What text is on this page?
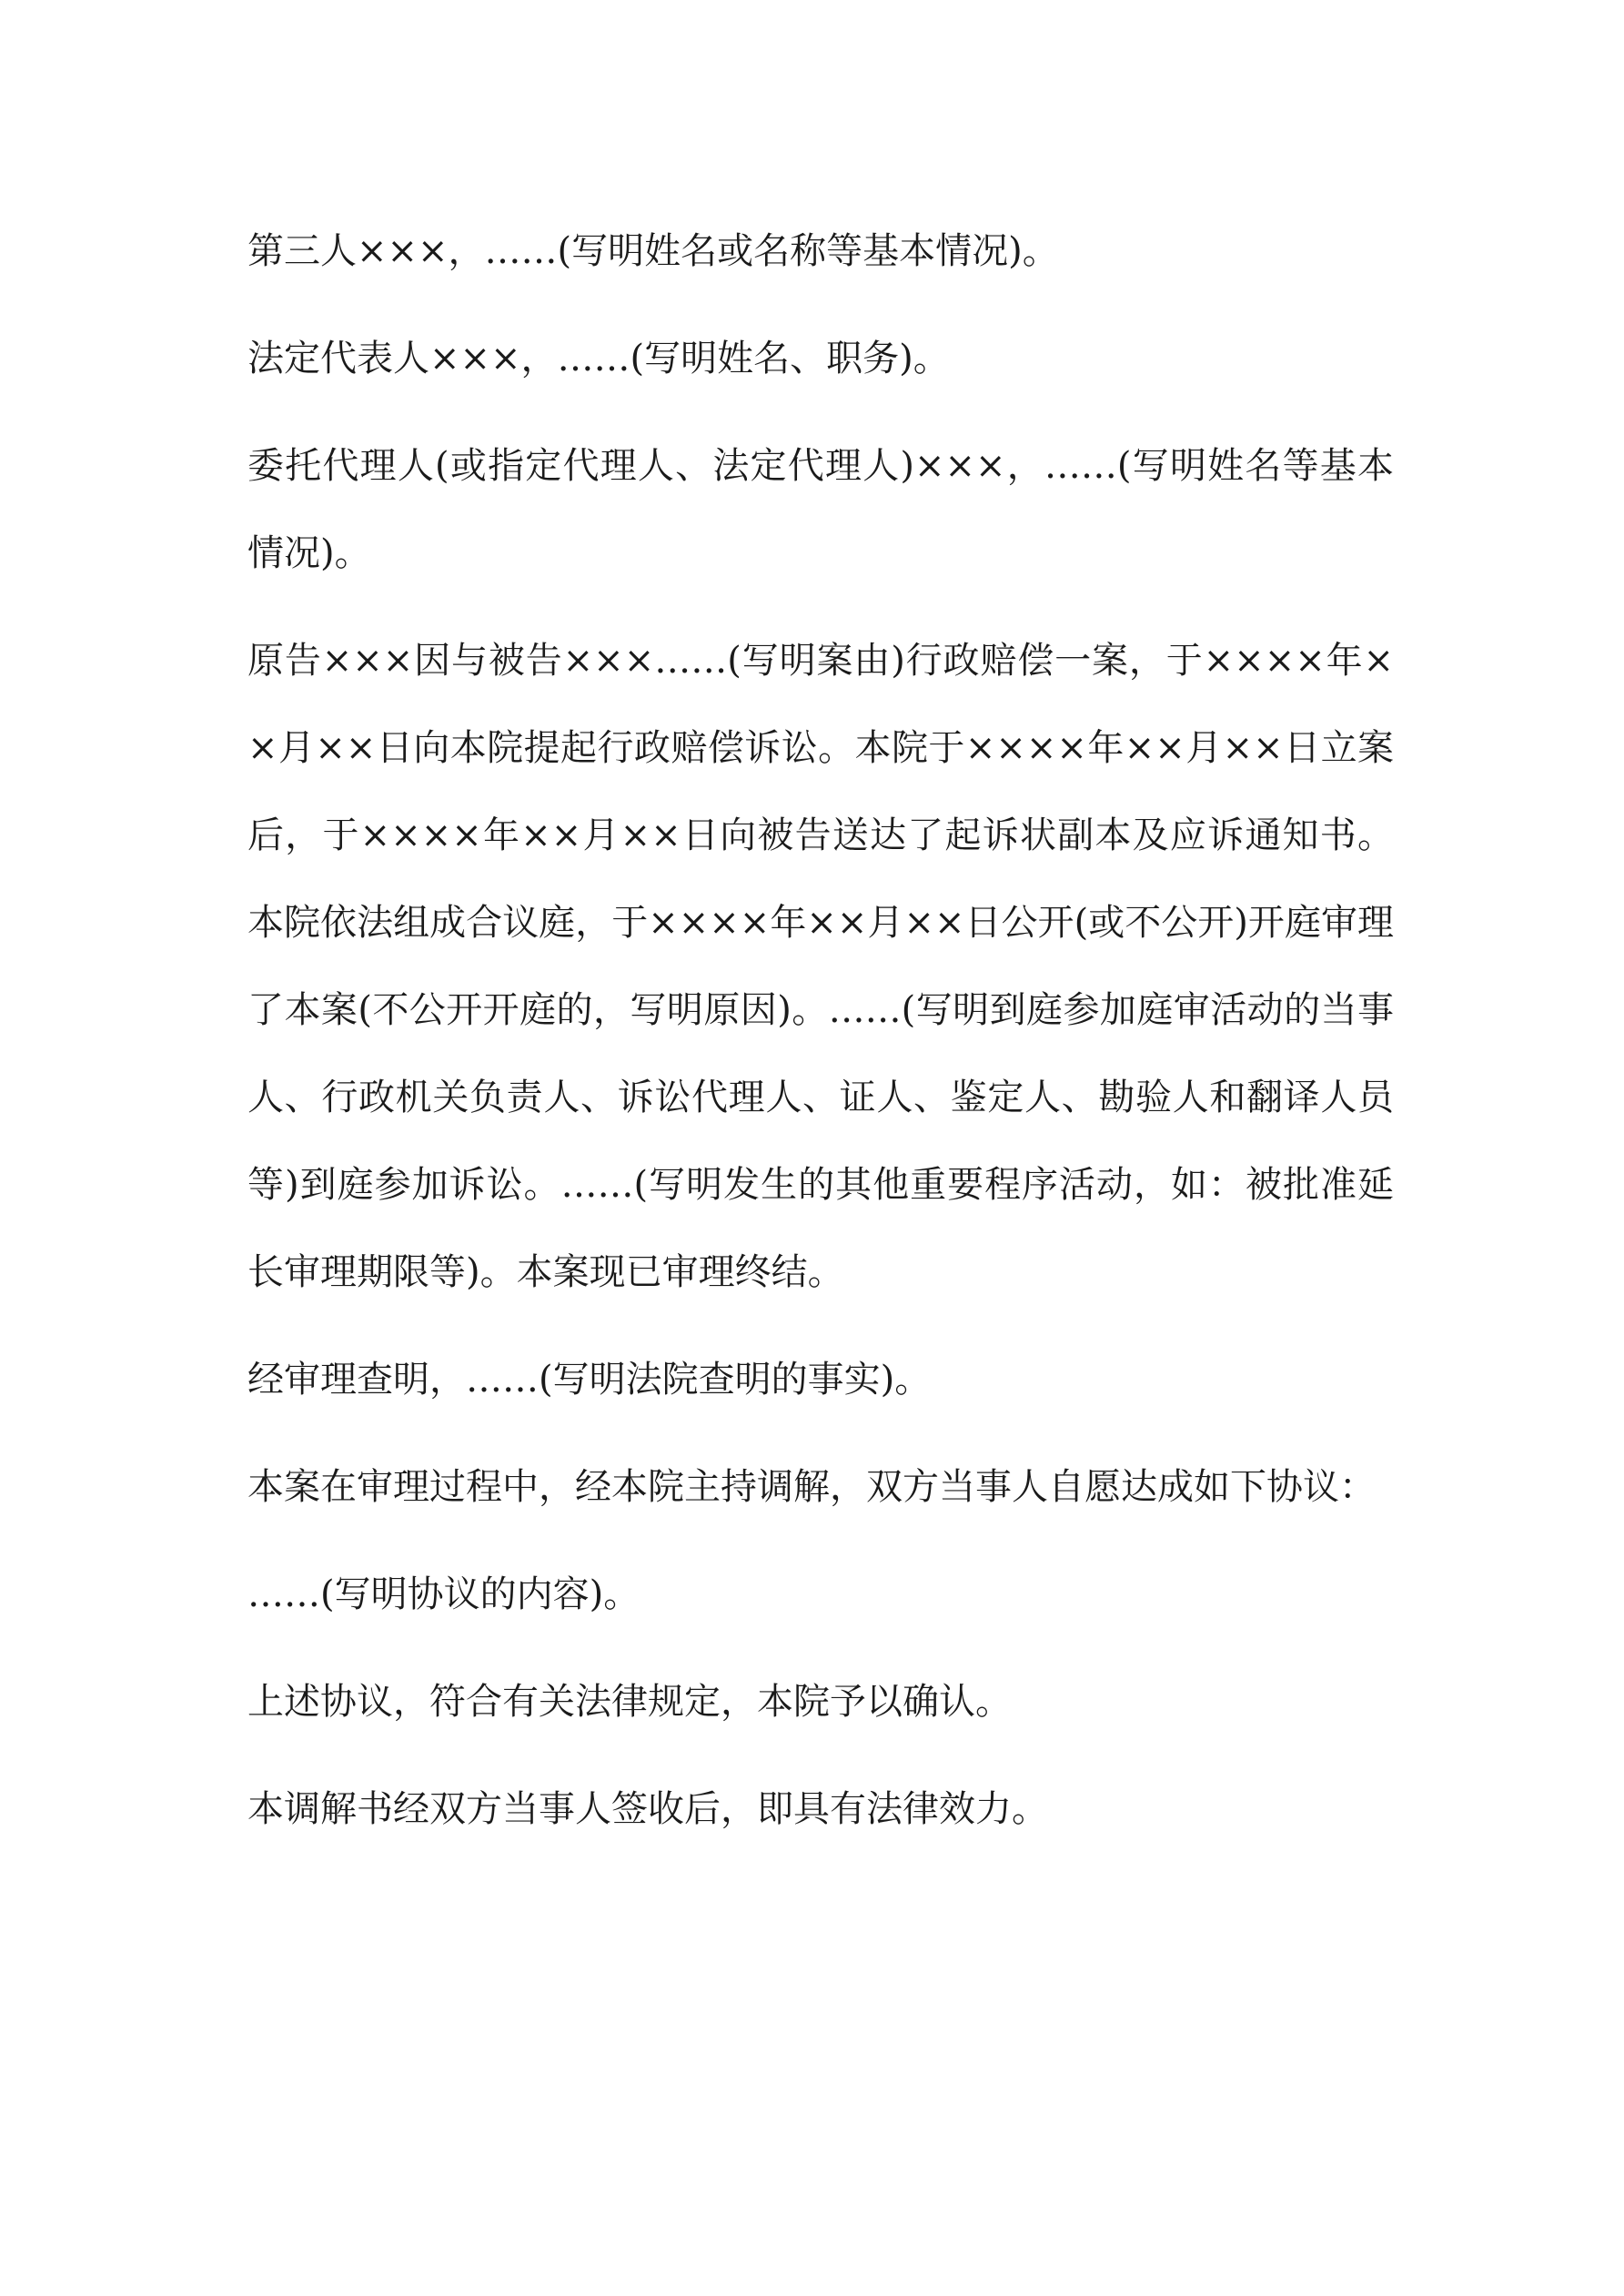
第三人×××，……(写明姓名或名称等基本情况)。

法定代表人×××，……(写明姓名、职务)。

委托代理人(或指定代理人、法定代理人)×××，……(写明姓名等基本情况)。

原告×××因与被告×××……(写明案由)行政赔偿一案，于××××年××月××日向本院提起行政赔偿诉讼。本院于××××年××月××日立案后，于××××年××月××日向被告送达了起诉状副本及应诉通知书。本院依法组成合议庭，于××××年××月××日公开(或不公开)开庭审理了本案(不公开开庭的，写明原因)。……(写明到庭参加庭审活动的当事人、行政机关负责人、诉讼代理人、证人、鉴定人、勘验人和翻译人员等)到庭参加诉讼。……(写明发生的其他重要程序活动，如：被批准延长审理期限等)。本案现已审理终结。

经审理查明，……(写明法院查明的事实)。

本案在审理过程中，经本院主持调解，双方当事人自愿达成如下协议：

……(写明协议的内容)。

上述协议，符合有关法律规定，本院予以确认。

本调解书经双方当事人签收后，即具有法律效力。
